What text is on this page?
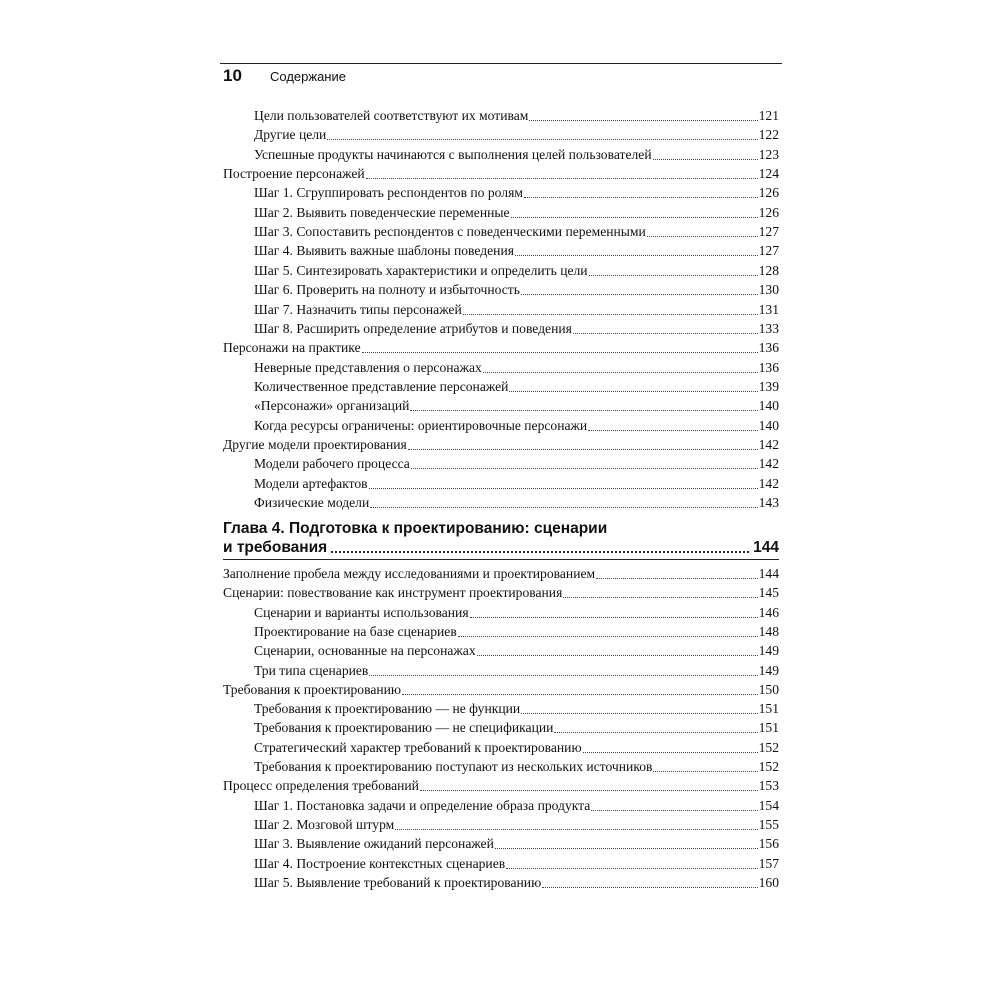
10 Содержание
Цели пользователей соответствуют их мотивам	121
Другие цели	122
Успешные продукты начинаются с выполнения целей пользователей	123
Построение персонажей	124
Шаг 1. Сгруппировать респондентов по ролям	126
Шаг 2. Выявить поведенческие переменные	126
Шаг 3. Сопоставить респондентов с поведенческими переменными	127
Шаг 4. Выявить важные шаблоны поведения	127
Шаг 5. Синтезировать характеристики и определить цели	128
Шаг 6. Проверить на полноту и избыточность	130
Шаг 7. Назначить типы персонажей	131
Шаг 8. Расширить определение атрибутов и поведения	133
Персонажи на практике	136
Неверные представления о персонажах	136
Количественное представление персонажей	139
«Персонажи» организаций	140
Когда ресурсы ограничены: ориентировочные персонажи	140
Другие модели проектирования	142
Модели рабочего процесса	142
Модели артефактов	142
Физические модели	143
Глава 4. Подготовка к проектированию: сценарии
и требования	144
Заполнение пробела между исследованиями и проектированием	144
Сценарии: повествование как инструмент проектирования	145
Сценарии и варианты использования	146
Проектирование на базе сценариев	148
Сценарии, основанные на персонажах	149
Три типа сценариев	149
Требования к проектированию	150
Требования к проектированию — не функции	151
Требования к проектированию — не спецификации	151
Стратегический характер требований к проектированию	152
Требования к проектированию поступают из нескольких источников	152
Процесс определения требований	153
Шаг 1. Постановка задачи и определение образа продукта	154
Шаг 2. Мозговой штурм	155
Шаг 3. Выявление ожиданий персонажей	156
Шаг 4. Построение контекстных сценариев	157
Шаг 5. Выявление требований к проектированию	160
